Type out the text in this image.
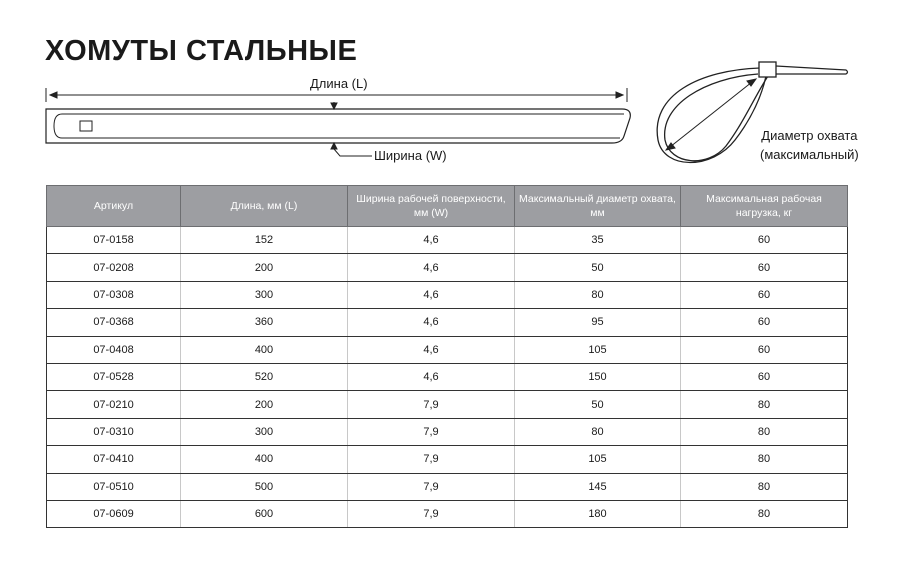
ХОМУТЫ СТАЛЬНЫЕ
Длина (L)
Ширина (W)
Диаметр охвата
(максимальный)
Артикул	Длина, мм (L)	Ширина рабочей поверхности, мм (W)	Максимальный диаметр охвата, мм	Максимальная рабочая нагрузка, кг
07-0158	152	4,6	35	60
07-0208	200	4,6	50	60
07-0308	300	4,6	80	60
07-0368	360	4,6	95	60
07-0408	400	4,6	105	60
07-0528	520	4,6	150	60
07-0210	200	7,9	50	80
07-0310	300	7,9	80	80
07-0410	400	7,9	105	80
07-0510	500	7,9	145	80
07-0609	600	7,9	180	80
